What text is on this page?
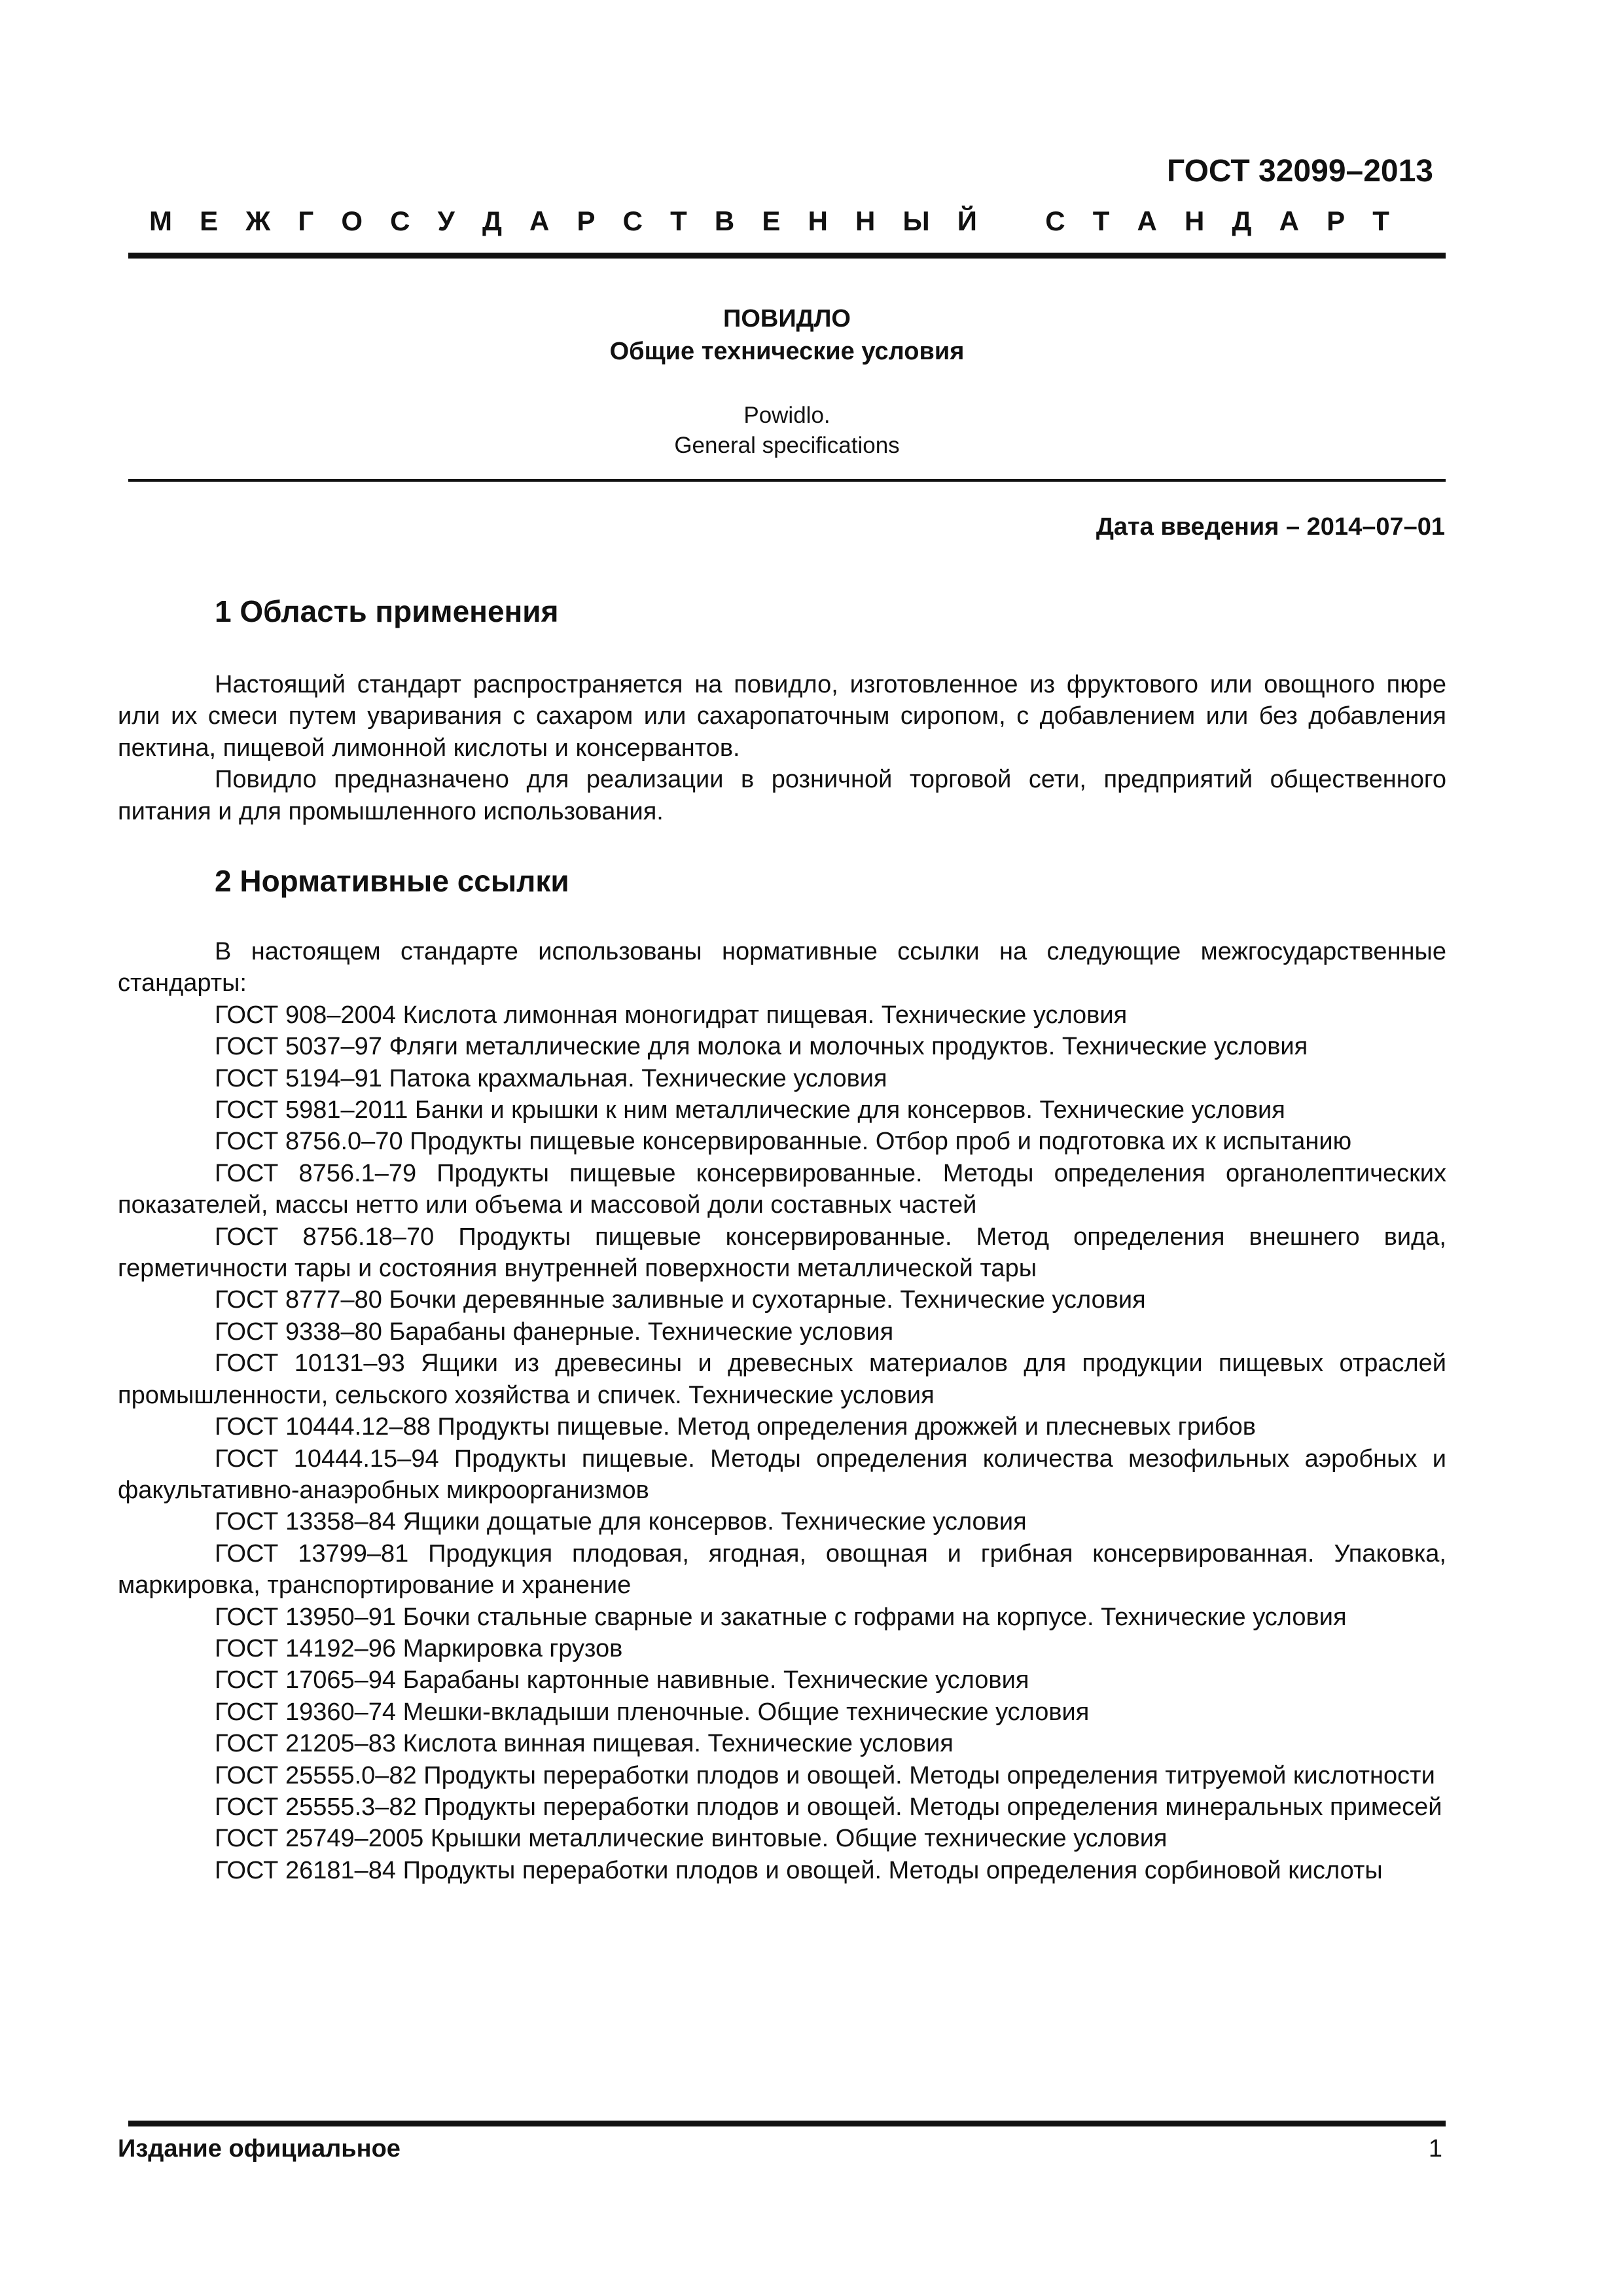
ГОСТ 32099–2013
М Е Ж Г О С У Д А Р С Т В Е Н Н Ы Й
С Т А Н Д А Р Т
ПОВИДЛО
Общие технические условия
Powidlo.
General specifications
Дата введения – 2014–07–01
1 Область применения

Настоящий стандарт распространяется на повидло, изготовленное из фруктового или овощного пюре или их смеси путем уваривания с сахаром или сахаропаточным сиропом, с добавлением или без добавления пектина, пищевой лимонной кислоты и консервантов.

Повидло предназначено для реализации в розничной торговой сети, предприятий общественного питания и для промышленного использования.

2 Нормативные ссылки

В настоящем стандарте использованы нормативные ссылки на следующие межгосударственные стандарты:

ГОСТ 908–2004 Кислота лимонная моногидрат пищевая. Технические условия

ГОСТ 5037–97 Фляги металлические для молока и молочных продуктов. Технические условия

ГОСТ 5194–91 Патока крахмальная. Технические условия

ГОСТ 5981–2011 Банки и крышки к ним металлические для консервов. Технические условия

ГОСТ 8756.0–70 Продукты пищевые консервированные. Отбор проб и подготовка их к испытанию

ГОСТ 8756.1–79 Продукты пищевые консервированные. Методы определения органолептических показателей, массы нетто или объема и массовой доли составных частей

ГОСТ 8756.18–70 Продукты пищевые консервированные. Метод определения внешнего вида, герметичности тары и состояния внутренней поверхности металлической тары

ГОСТ 8777–80 Бочки деревянные заливные и сухотарные. Технические условия

ГОСТ 9338–80 Барабаны фанерные. Технические условия

ГОСТ 10131–93 Ящики из древесины и древесных материалов для продукции пищевых отраслей промышленности, сельского хозяйства и спичек. Технические условия

ГОСТ 10444.12–88 Продукты пищевые. Метод определения дрожжей и плесневых грибов

ГОСТ 10444.15–94 Продукты пищевые. Методы определения количества мезофильных аэробных и факультативно-анаэробных микроорганизмов

ГОСТ 13358–84 Ящики дощатые для консервов. Технические условия

ГОСТ 13799–81 Продукция плодовая, ягодная, овощная и грибная консервированная. Упаковка, маркировка, транспортирование и хранение

ГОСТ 13950–91 Бочки стальные сварные и закатные с гофрами на корпусе. Технические условия

ГОСТ 14192–96 Маркировка грузов

ГОСТ 17065–94 Барабаны картонные навивные. Технические условия

ГОСТ 19360–74 Мешки-вкладыши пленочные. Общие технические условия

ГОСТ 21205–83 Кислота винная пищевая. Технические условия

ГОСТ 25555.0–82 Продукты переработки плодов и овощей. Методы определения титруемой кислотности

ГОСТ 25555.3–82 Продукты переработки плодов и овощей. Методы определения минеральных примесей

ГОСТ 25749–2005 Крышки металлические винтовые. Общие технические условия

ГОСТ 26181–84 Продукты переработки плодов и овощей. Методы определения сорбиновой кислоты

Издание официальное	1
